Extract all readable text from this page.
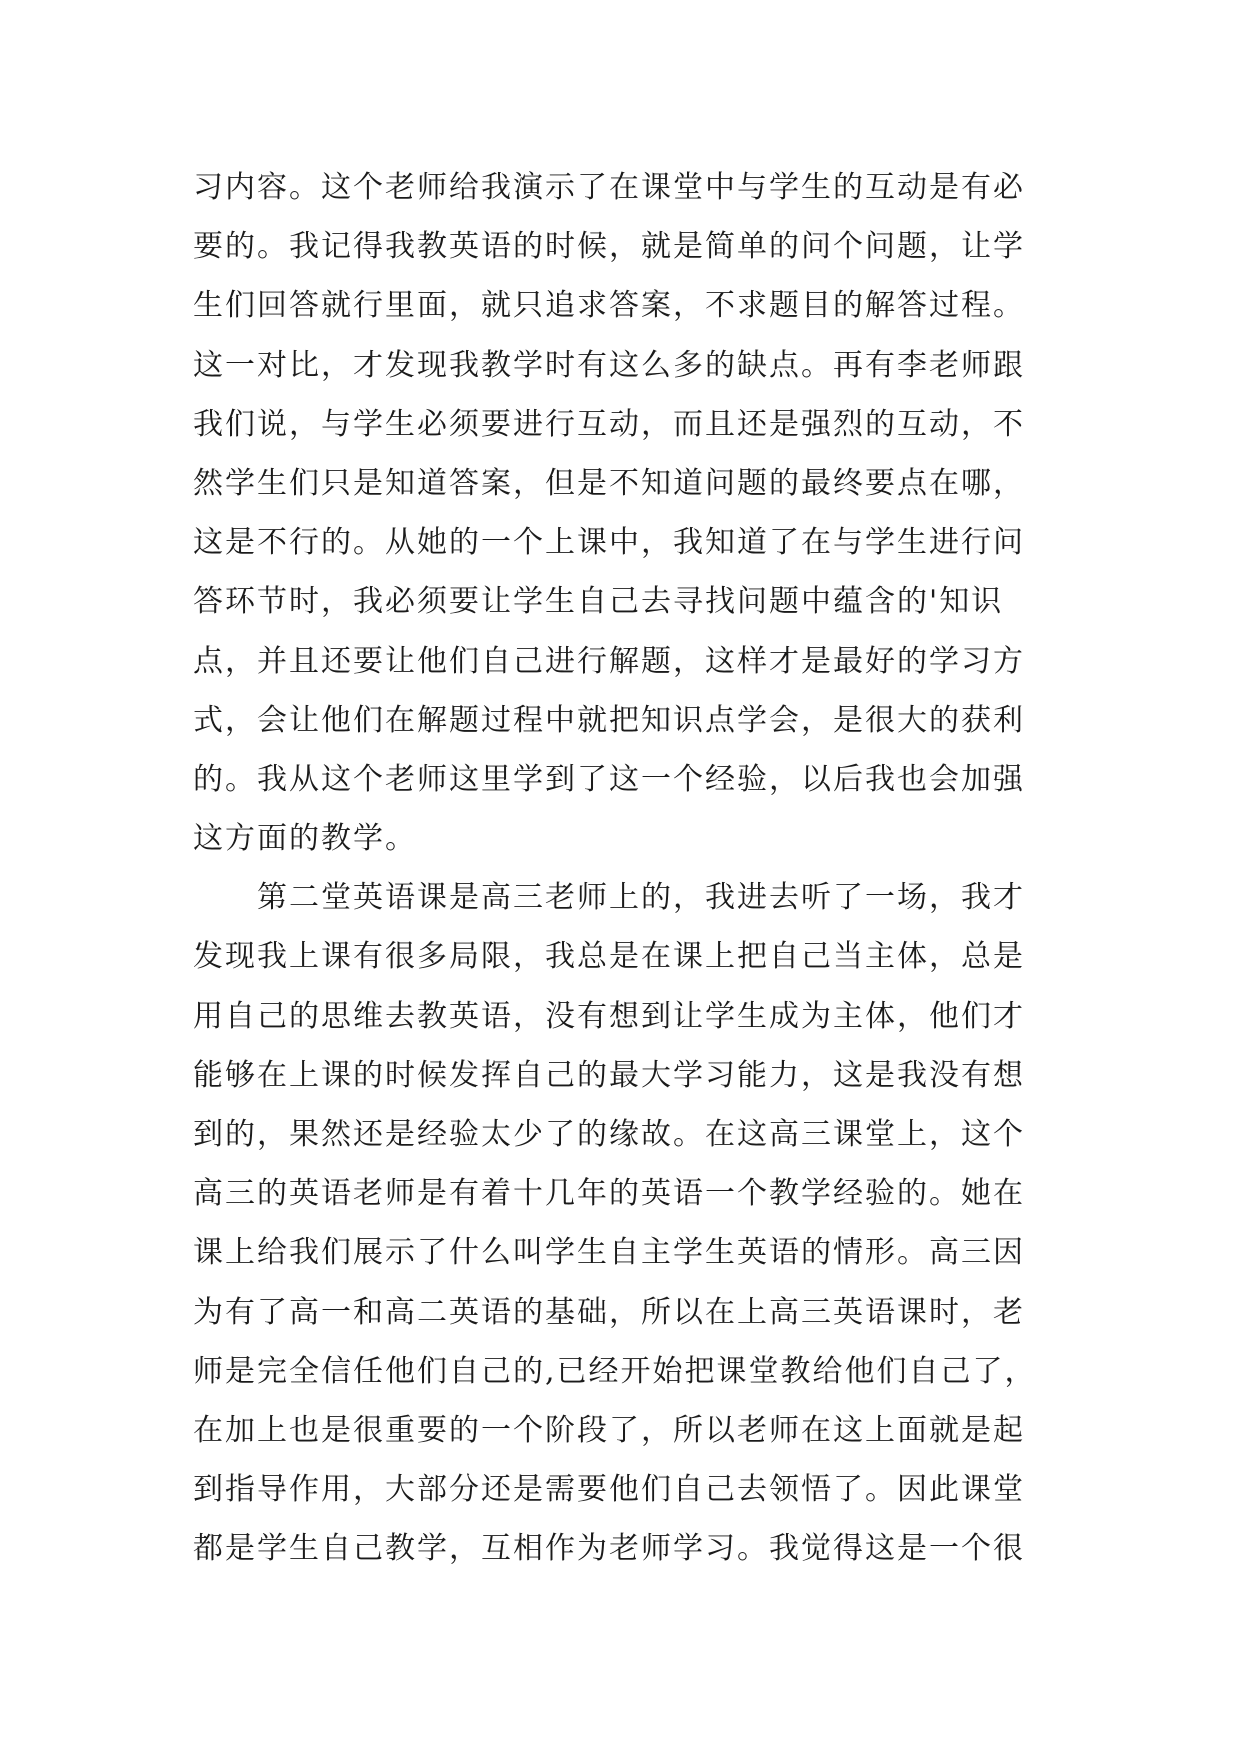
习内容。这个老师给我演示了在课堂中与学生的互动是有必
要的。我记得我教英语的时候，就是简单的问个问题，让学
生们回答就行里面，就只追求答案，不求题目的解答过程。
这一对比，才发现我教学时有这么多的缺点。再有李老师跟
我们说，与学生必须要进行互动，而且还是强烈的互动，不
然学生们只是知道答案，但是不知道问题的最终要点在哪，
这是不行的。从她的一个上课中，我知道了在与学生进行问
答环节时，我必须要让学生自己去寻找问题中蕴含的'知识
点，并且还要让他们自己进行解题，这样才是最好的学习方
式，会让他们在解题过程中就把知识点学会，是很大的获利
的。我从这个老师这里学到了这一个经验，以后我也会加强
这方面的教学。
　　第二堂英语课是高三老师上的，我进去听了一场，我才
发现我上课有很多局限，我总是在课上把自己当主体，总是
用自己的思维去教英语，没有想到让学生成为主体，他们才
能够在上课的时候发挥自己的最大学习能力，这是我没有想
到的，果然还是经验太少了的缘故。在这高三课堂上，这个
高三的英语老师是有着十几年的英语一个教学经验的。她在
课上给我们展示了什么叫学生自主学生英语的情形。高三因
为有了高一和高二英语的基础，所以在上高三英语课时，老
师是完全信任他们自己的,已经开始把课堂教给他们自己了，
在加上也是很重要的一个阶段了，所以老师在这上面就是起
到指导作用，大部分还是需要他们自己去领悟了。因此课堂
都是学生自己教学，互相作为老师学习。我觉得这是一个很
